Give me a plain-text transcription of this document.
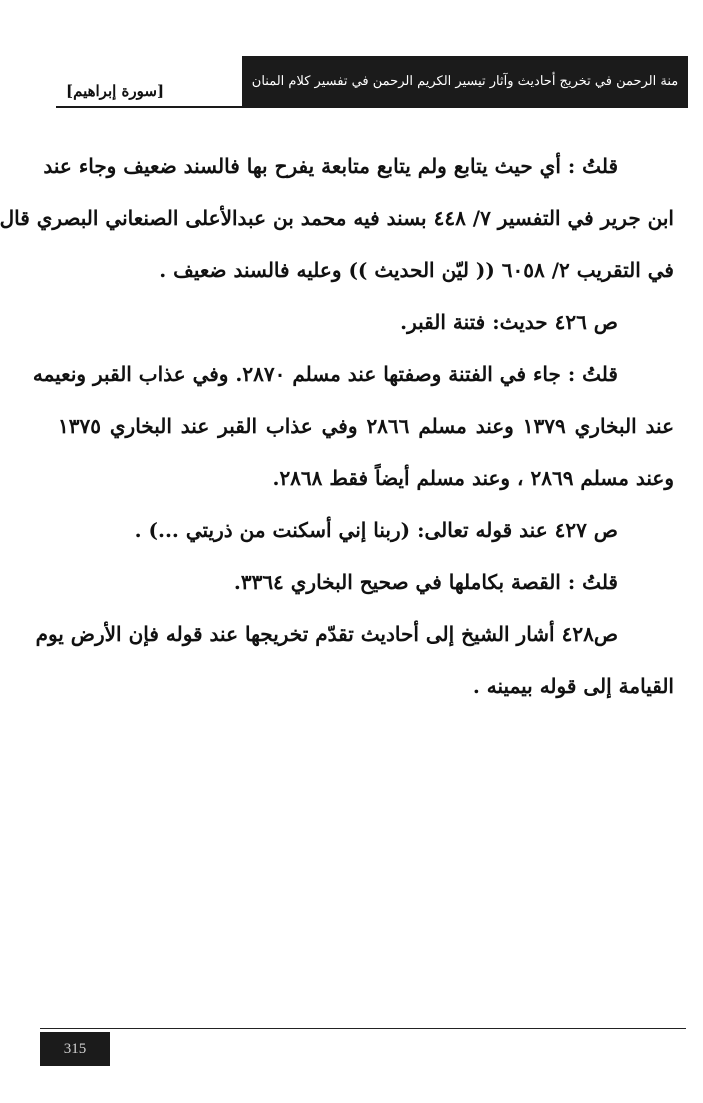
منة الرحمن في تخريج أحاديث وآثار تيسير الكريم الرحمن في تفسير كلام المنان
[سورة إبراهيم]
قلتُ : أي حيث يتابع ولم يتابع متابعة يفرح بها فالسند ضعيف وجاء عند
ابن جرير في التفسير ٧/ ٤٤٨ بسند فيه محمد بن عبدالأعلى الصنعاني البصري قال
في التقريب ٢/ ٦٠٥٨ (( ليّن الحديث )) وعليه فالسند ضعيف .
ص ٤٢٦ حديث: فتنة القبر.
قلتُ : جاء في الفتنة وصفتها عند مسلم ٢٨٧٠. وفي عذاب القبر ونعيمه
عند البخاري ١٣٧٩ وعند مسلم ٢٨٦٦ وفي عذاب القبر عند البخاري ١٣٧٥
وعند مسلم ٢٨٦٩ ، وعند مسلم أيضاً فقط ٢٨٦٨.
ص ٤٢٧ عند قوله تعالى: (ربنا إني أسكنت من ذريتي ...) .
قلتُ : القصة بكاملها في صحيح البخاري ٣٣٦٤.
ص٤٢٨ أشار الشيخ إلى أحاديث تقدّم تخريجها عند قوله فإن الأرض يوم
القيامة إلى قوله بيمينه .
315
